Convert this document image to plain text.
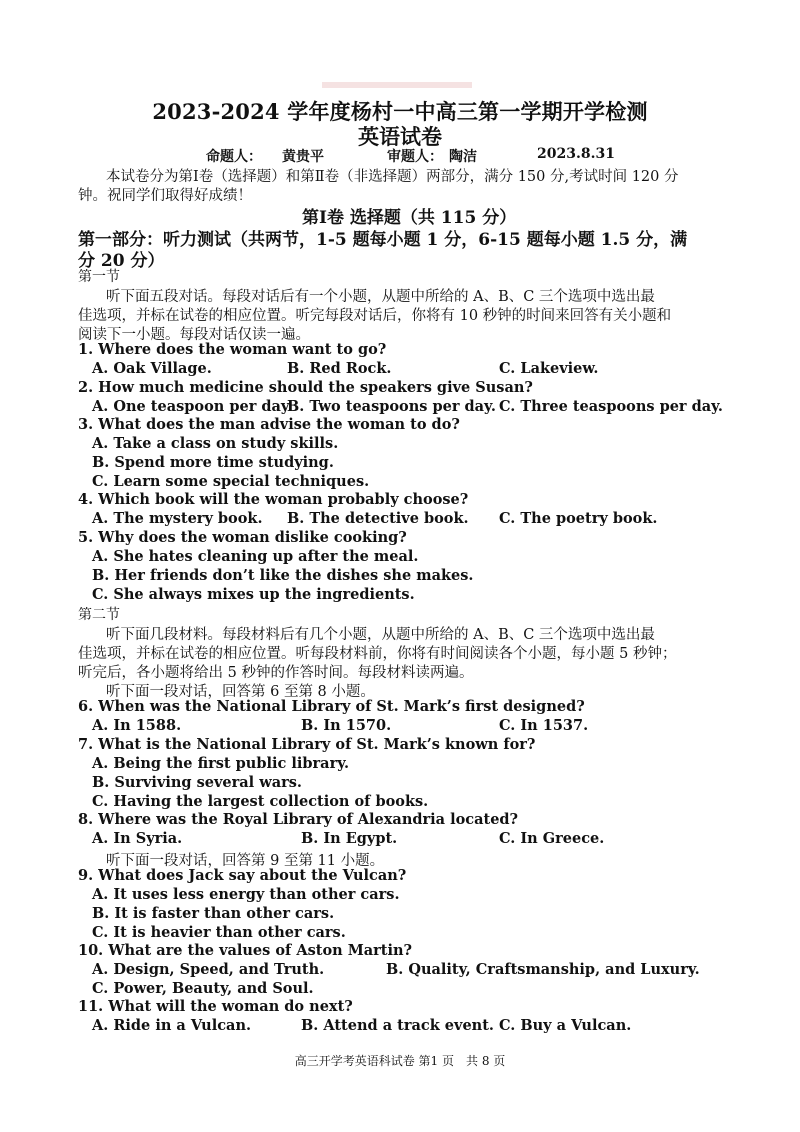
2023-2024 学年度杨村一中高三第一学期开学检测
英语试卷
命题人： 黄贵平	审题人： 陶洁	2023.8.31
本试卷分为第Ⅰ卷（选择题）和第Ⅱ卷（非选择题）两部分，满分 150 分,考试时间 120 分
钟。祝同学们取得好成绩！
第Ⅰ卷 选择题（共 115 分）
第一部分：听力测试（共两节，1-5 题每小题 1 分，6-15 题每小题 1.5 分，满
分 20 分）
第一节
听下面五段对话。每段对话后有一个小题，从题中所给的 A、B、C 三个选项中选出最
佳选项，并标在试卷的相应位置。听完每段对话后，你将有 10 秒钟的时间来回答有关小题和
阅读下一小题。每段对话仅读一遍。
1. Where does the woman want to go?
A. Oak Village.	B. Red Rock.	C. Lakeview.
2. How much medicine should the speakers give Susan?
A. One teaspoon per day.
B. Two teaspoons per day. C. Three teaspoons per day.
3. What does the man advise the woman to do?
A. Take a class on study skills.
B. Spend more time studying.
C. Learn some special techniques.
4. Which book will the woman probably choose?
A. The mystery book. B. The detective book. C. The poetry book.
5. Why does the woman dislike cooking?
A. She hates cleaning up after the meal.
B. Her friends don’t like the dishes she makes.
C. She always mixes up the ingredients.
第二节
听下面几段材料。每段材料后有几个小题，从题中所给的 A、B、C 三个选项中选出最
佳选项，并标在试卷的相应位置。听每段材料前，你将有时间阅读各个小题，每小题 5 秒钟；
听完后，各小题将给出 5 秒钟的作答时间。每段材料读两遍。
听下面一段对话，回答第 6 至第 8 小题。
6. When was the National Library of St. Mark’s first designed?
A. In 1588.	B. In 1570.	C. In 1537.
7. What is the National Library of St. Mark’s known for?
A. Being the first public library.
B. Surviving several wars.
C. Having the largest collection of books.
8. Where was the Royal Library of Alexandria located?
A. In Syria.	B. In Egypt.	C. In Greece.
听下面一段对话，回答第 9 至第 11 小题。
9. What does Jack say about the Vulcan?
A. It uses less energy than other cars.
B. It is faster than other cars.
C. It is heavier than other cars.
10. What are the values of Aston Martin?
A. Design, Speed, and Truth.	B. Quality, Craftsmanship, and Luxury.
C. Power, Beauty, and Soul.
11. What will the woman do next?
A. Ride in a Vulcan.	B. Attend a track event. C. Buy a Vulcan.
高三开学考英语科试卷 第1 页　共 8 页
